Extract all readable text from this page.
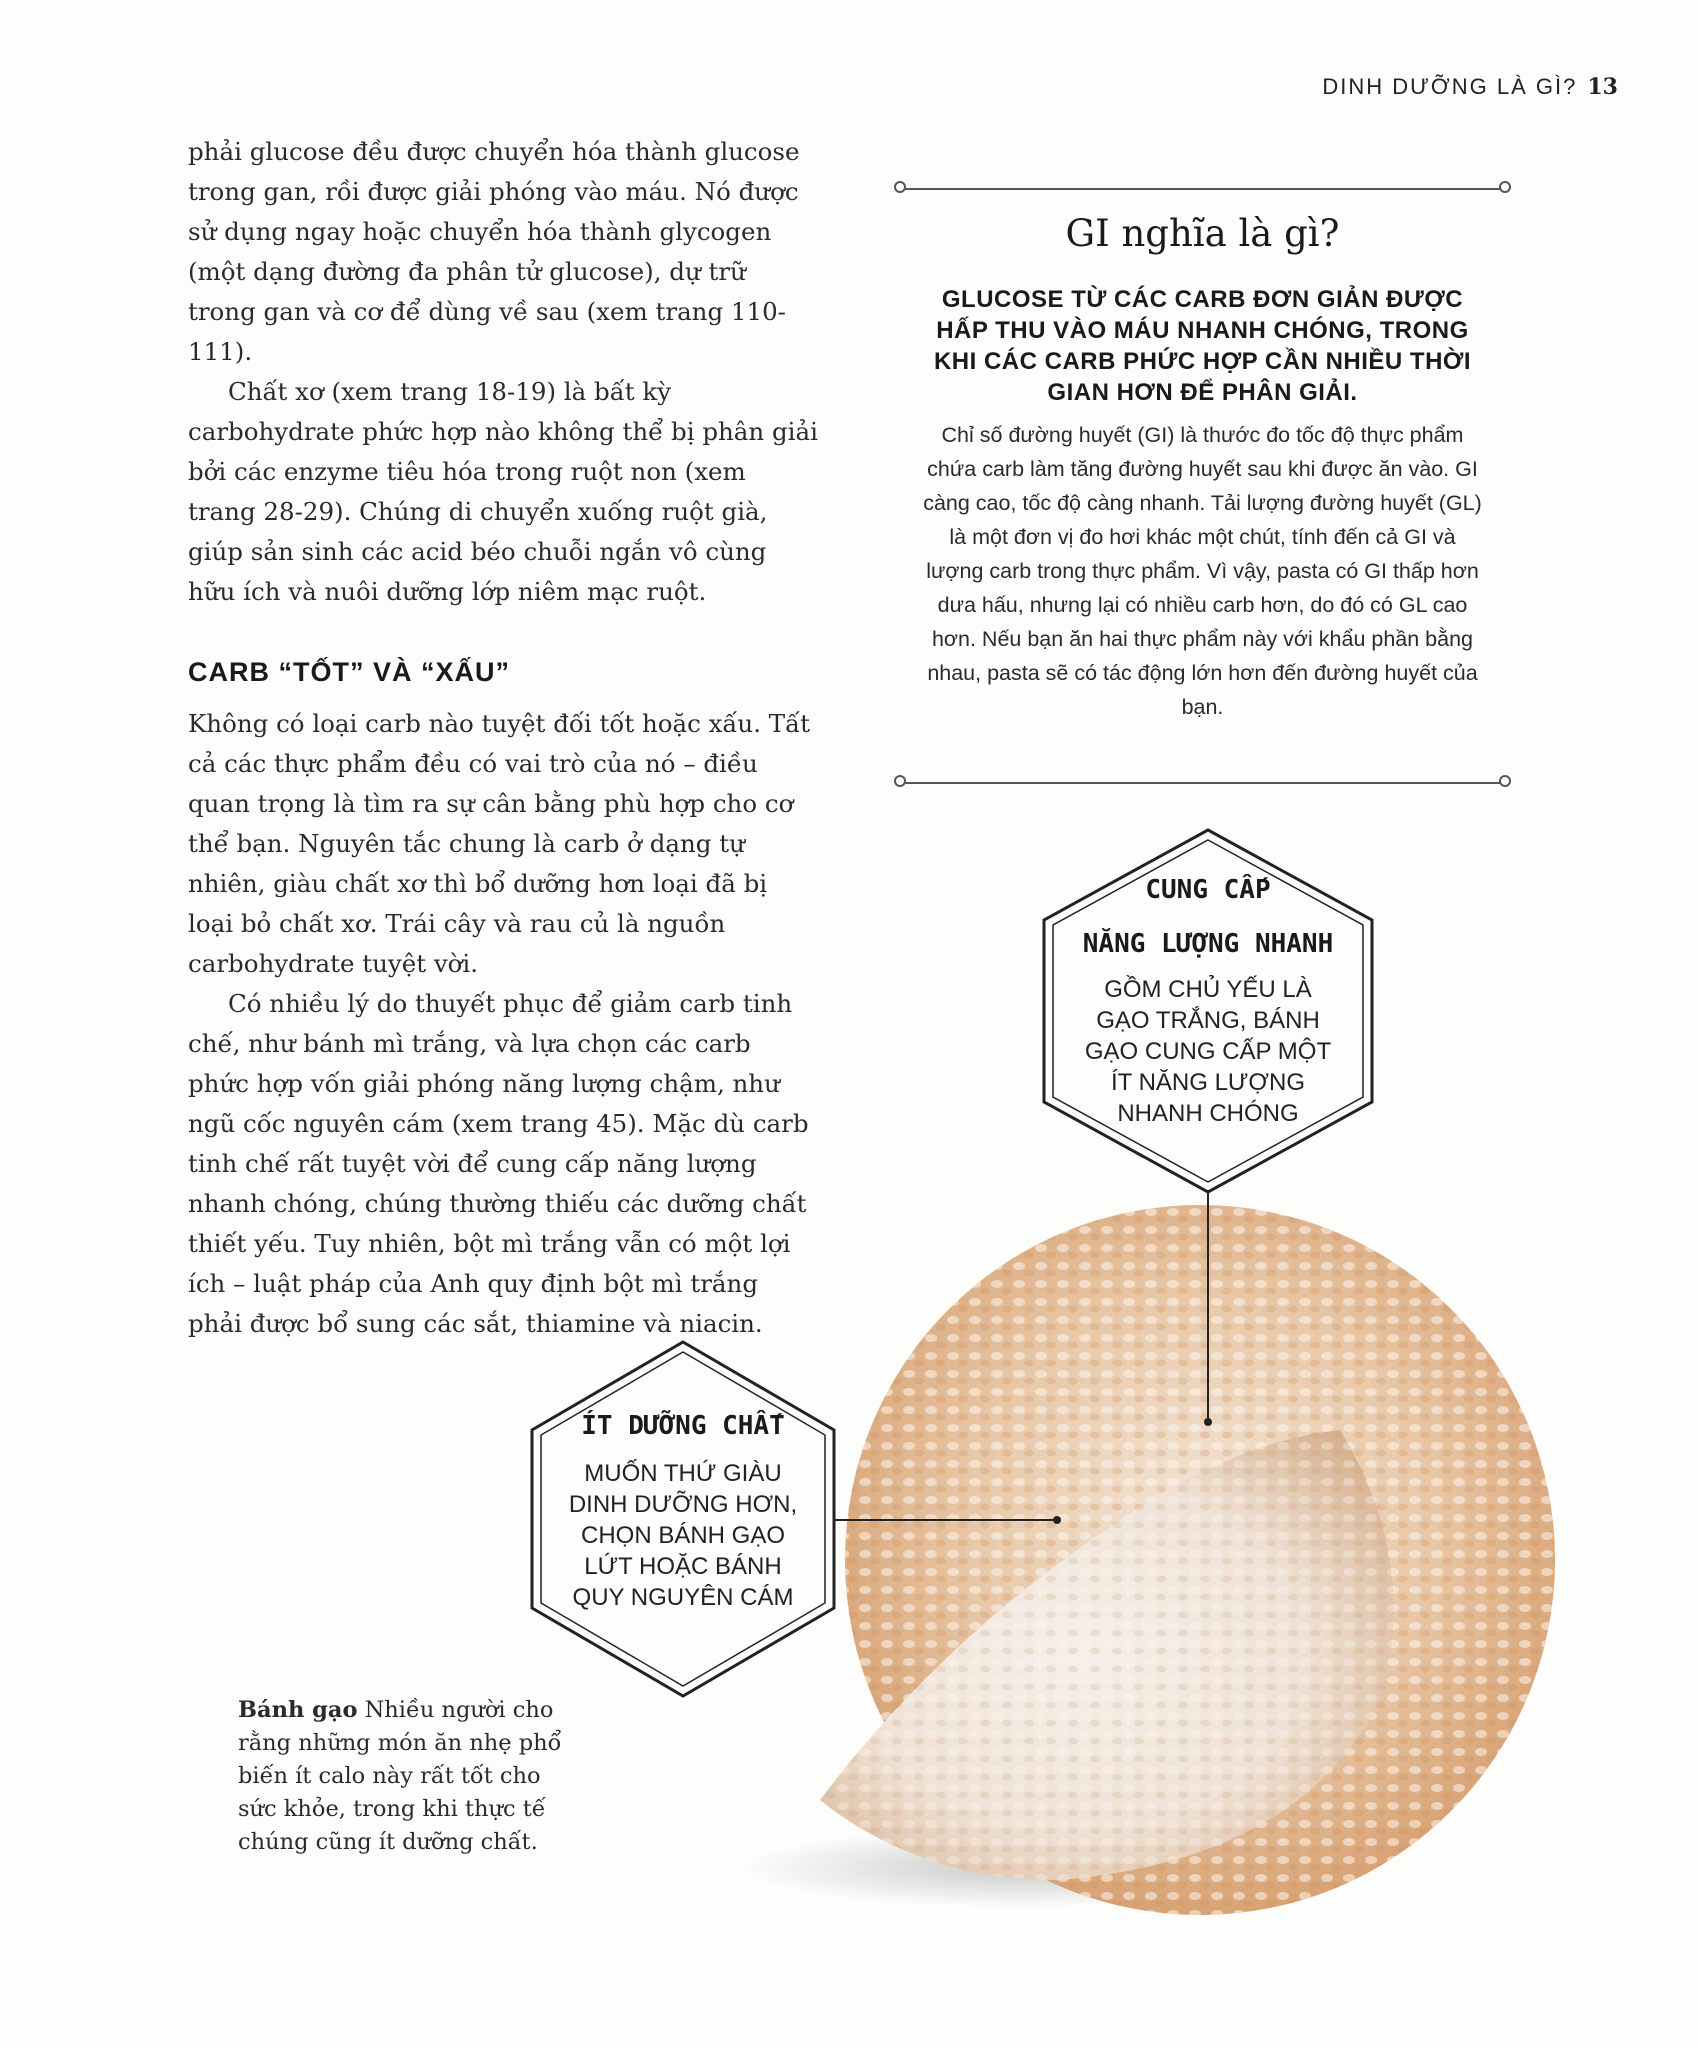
DINH DƯỠNG LÀ GÌ? 13

phải glucose đều được chuyển hóa thành glucose trong gan, rồi được giải phóng vào máu. Nó được sử dụng ngay hoặc chuyển hóa thành glycogen (một dạng đường đa phân tử glucose), dự trữ trong gan và cơ để dùng về sau (xem trang 110-111).

Chất xơ (xem trang 18-19) là bất kỳ carbohydrate phức hợp nào không thể bị phân giải bởi các enzyme tiêu hóa trong ruột non (xem trang 28-29). Chúng di chuyển xuống ruột già, giúp sản sinh các acid béo chuỗi ngắn vô cùng hữu ích và nuôi dưỡng lớp niêm mạc ruột.

CARB “TỐT” VÀ “XẤU”

Không có loại carb nào tuyệt đối tốt hoặc xấu. Tất cả các thực phẩm đều có vai trò của nó – điều quan trọng là tìm ra sự cân bằng phù hợp cho cơ thể bạn. Nguyên tắc chung là carb ở dạng tự nhiên, giàu chất xơ thì bổ dưỡng hơn loại đã bị loại bỏ chất xơ. Trái cây và rau củ là nguồn carbohydrate tuyệt vời.

Có nhiều lý do thuyết phục để giảm carb tinh chế, như bánh mì trắng, và lựa chọn các carb phức hợp vốn giải phóng năng lượng chậm, như ngũ cốc nguyên cám (xem trang 45). Mặc dù carb tinh chế rất tuyệt vời để cung cấp năng lượng nhanh chóng, chúng thường thiếu các dưỡng chất thiết yếu. Tuy nhiên, bột mì trắng vẫn có một lợi ích – luật pháp của Anh quy định bột mì trắng phải được bổ sung các sắt, thiamine và niacin.

GI nghĩa là gì?
GLUCOSE TỪ CÁC CARB ĐƠN GIẢN ĐƯỢC HẤP THU VÀO MÁU NHANH CHÓNG, TRONG KHI CÁC CARB PHỨC HỢP CẦN NHIỀU THỜI GIAN HƠN ĐỂ PHÂN GIẢI.
Chỉ số đường huyết (GI) là thước đo tốc độ thực phẩm chứa carb làm tăng đường huyết sau khi được ăn vào. GI càng cao, tốc độ càng nhanh. Tải lượng đường huyết (GL) là một đơn vị đo hơi khác một chút, tính đến cả GI và lượng carb trong thực phẩm. Vì vậy, pasta có GI thấp hơn dưa hấu, nhưng lại có nhiều carb hơn, do đó có GL cao hơn. Nếu bạn ăn hai thực phẩm này với khẩu phần bằng nhau, pasta sẽ có tác động lớn hơn đến đường huyết của bạn.
CUNG CẤP
NĂNG LƯỢNG NHANH
GỒM CHỦ YẾU LÀ GẠO TRẮNG, BÁNH GẠO CUNG CẤP MỘT ÍT NĂNG LƯỢNG NHANH CHÓNG
ÍT DƯỠNG CHẤT
MUỐN THỨ GIÀU DINH DƯỠNG HƠN, CHỌN BÁNH GẠO LỨT HOẶC BÁNH QUY NGUYÊN CÁM
Bánh gạo Nhiều người cho rằng những món ăn nhẹ phổ biến ít calo này rất tốt cho sức khỏe, trong khi thực tế chúng cũng ít dưỡng chất.
